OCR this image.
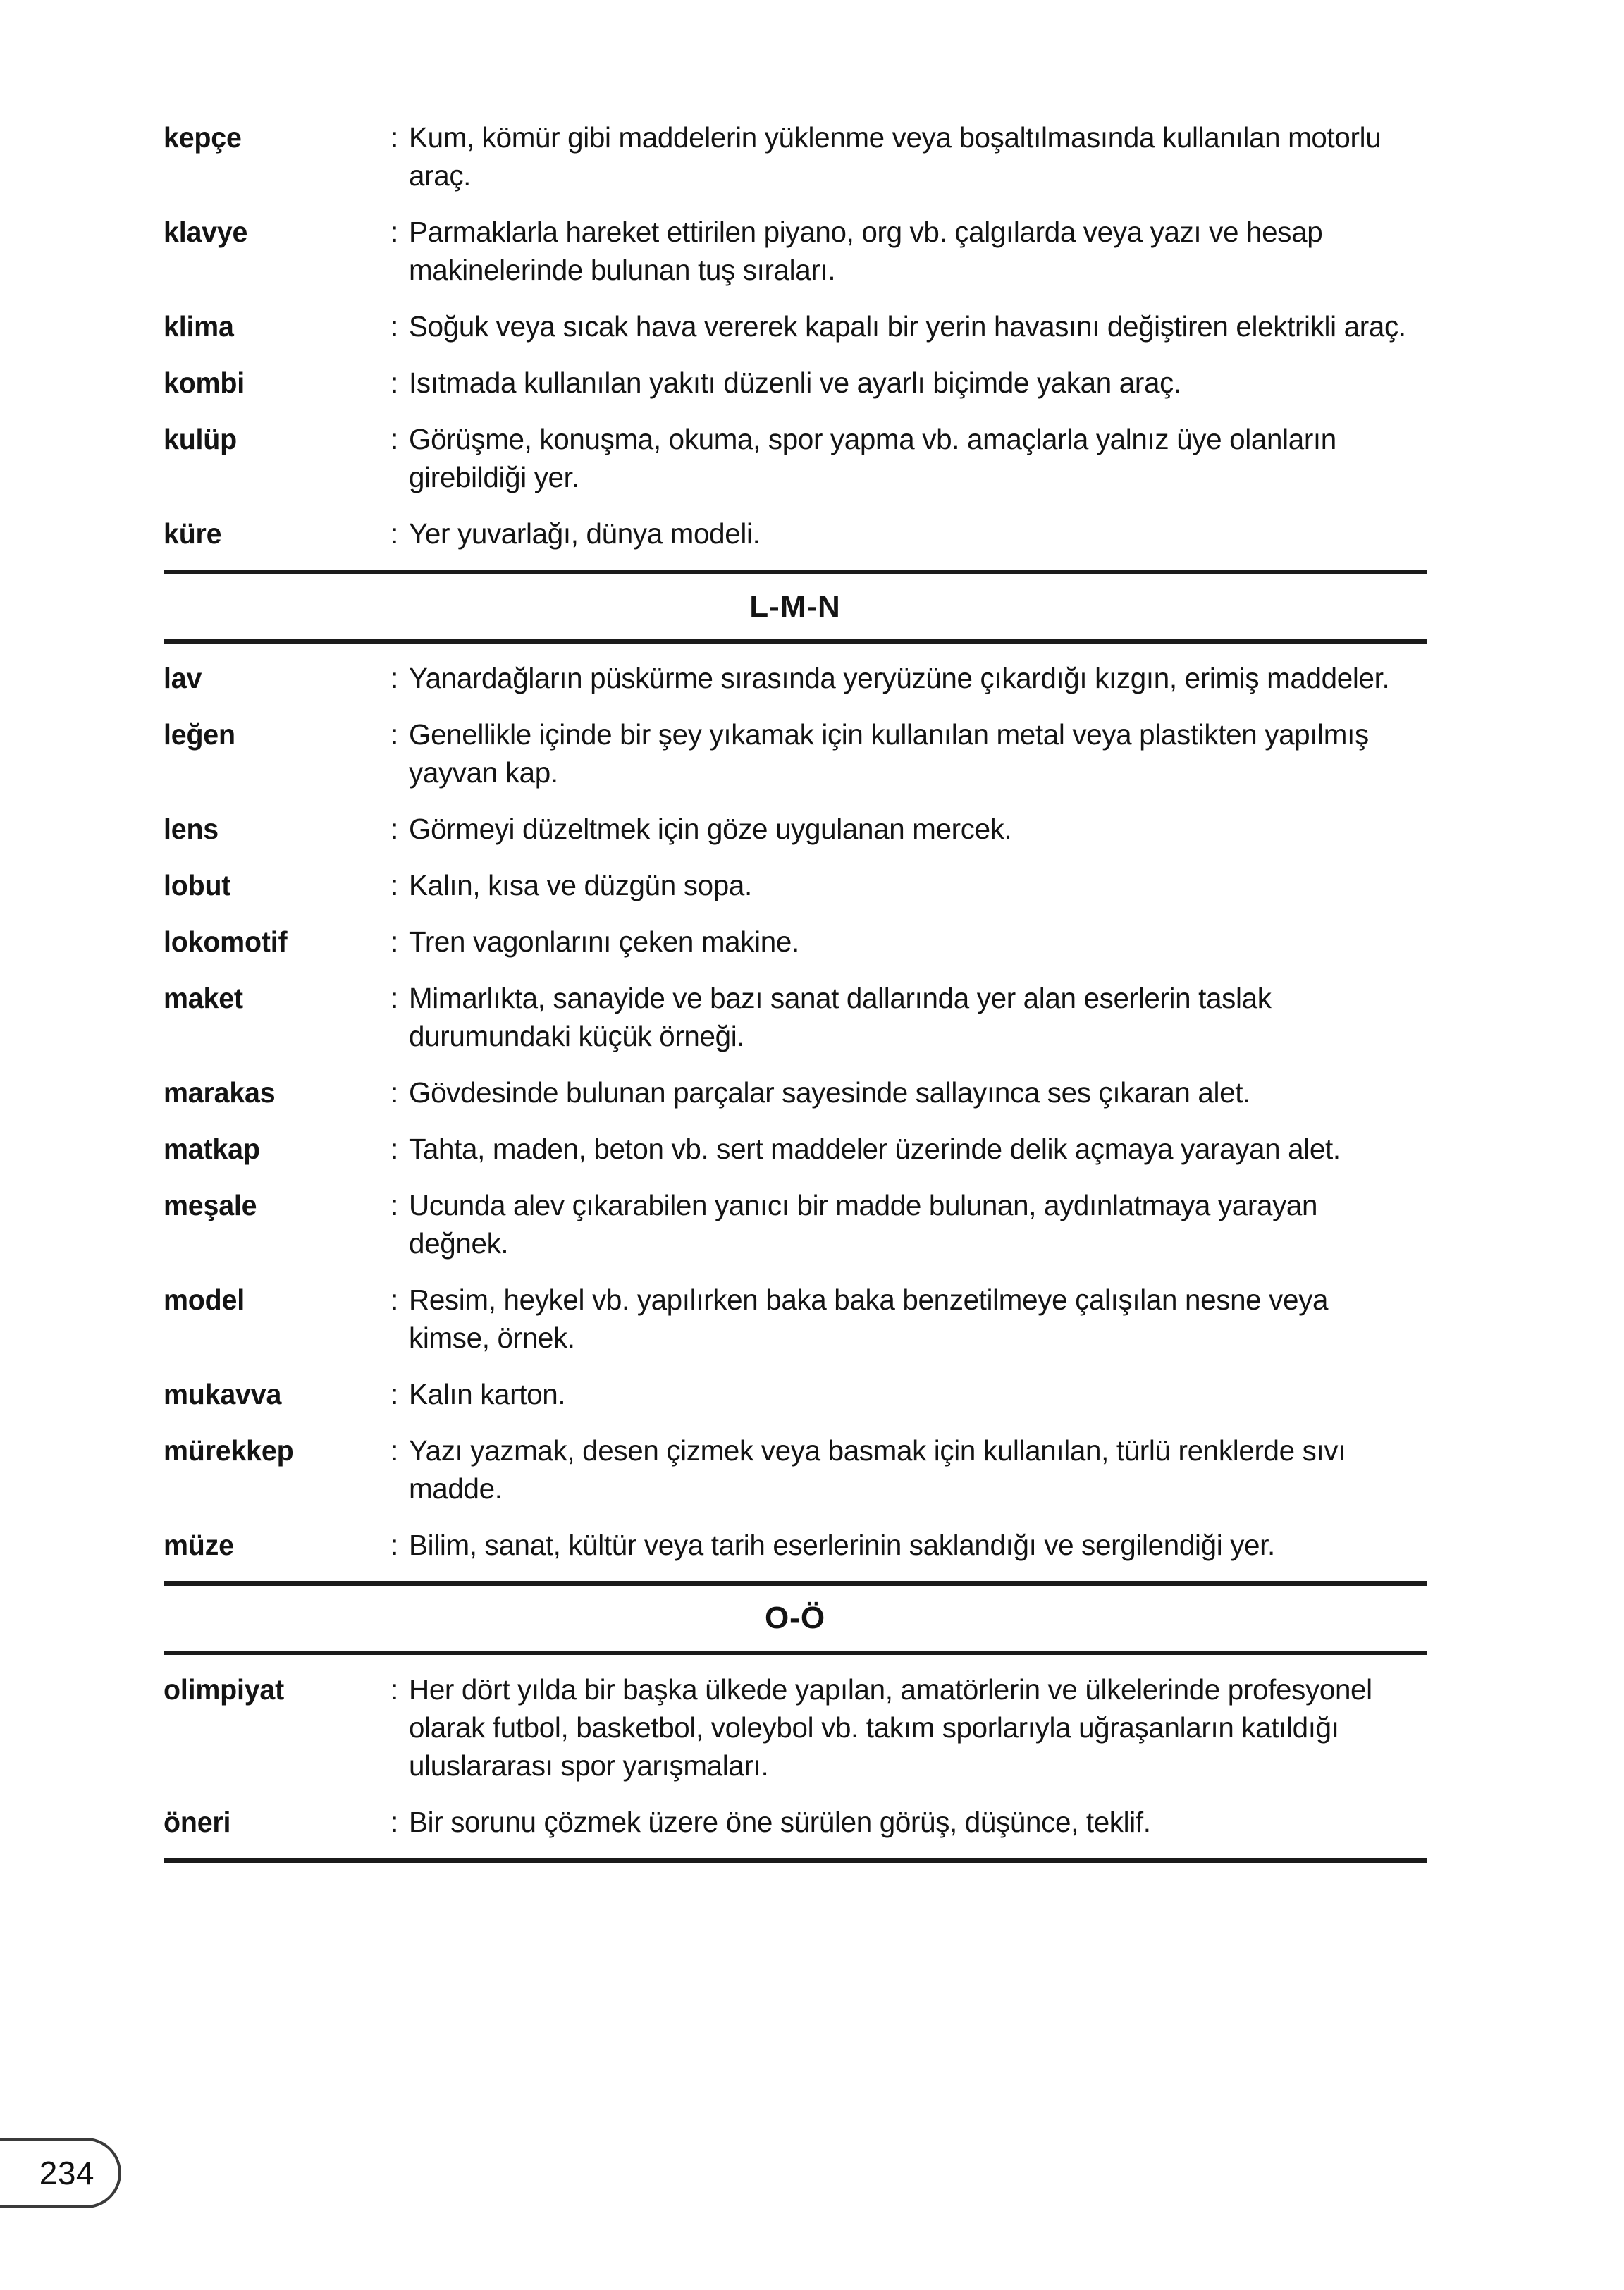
kepçe	: Kum, kömür gibi maddelerin yüklenme veya boşaltılmasında kullanılan motorlu araç.
klavye	: Parmaklarla hareket ettirilen piyano, org vb. çalgılarda veya yazı ve hesap makinelerinde bulunan tuş sıraları.
klima	: Soğuk veya sıcak hava vererek kapalı bir yerin havasını değiştiren elektrikli araç.
kombi	: Isıtmada kullanılan yakıtı düzenli ve ayarlı biçimde yakan araç.
kulüp	: Görüşme, konuşma, okuma, spor yapma vb. amaçlarla yalnız üye olanların girebildiği yer.
küre	: Yer yuvarlağı, dünya modeli.
L-M-N
lav	: Yanardağların püskürme sırasında yeryüzüne çıkardığı kızgın, erimiş maddeler.
leğen	: Genellikle içinde bir şey yıkamak için kullanılan metal veya plastikten yapılmış yayvan kap.
lens	: Görmeyi düzeltmek için göze uygulanan mercek.
lobut	: Kalın, kısa ve düzgün sopa.
lokomotif	: Tren vagonlarını çeken makine.
maket	: Mimarlıkta, sanayide ve bazı sanat dallarında yer alan eserlerin taslak durumundaki küçük örneği.
marakas	: Gövdesinde bulunan parçalar sayesinde sallayınca ses çıkaran alet.
matkap	: Tahta, maden, beton vb. sert maddeler üzerinde delik açmaya yarayan alet.
meşale	: Ucunda alev çıkarabilen yanıcı bir madde bulunan, aydınlatmaya yarayan değnek.
model	: Resim, heykel vb. yapılırken baka baka benzetilmeye çalışılan nesne veya kimse, örnek.
mukavva	: Kalın karton.
mürekkep	: Yazı yazmak, desen çizmek veya basmak için kullanılan, türlü renklerde sıvı madde.
müze	: Bilim, sanat, kültür veya tarih eserlerinin saklandığı ve sergilendiği yer.
O-Ö
olimpiyat	: Her dört yılda bir başka ülkede yapılan, amatörlerin ve ülkelerinde profesyonel olarak futbol, basketbol, voleybol vb. takım sporlarıyla uğraşanların katıldığı uluslararası spor yarışmaları.
öneri	: Bir sorunu çözmek üzere öne sürülen görüş, düşünce, teklif.
234
